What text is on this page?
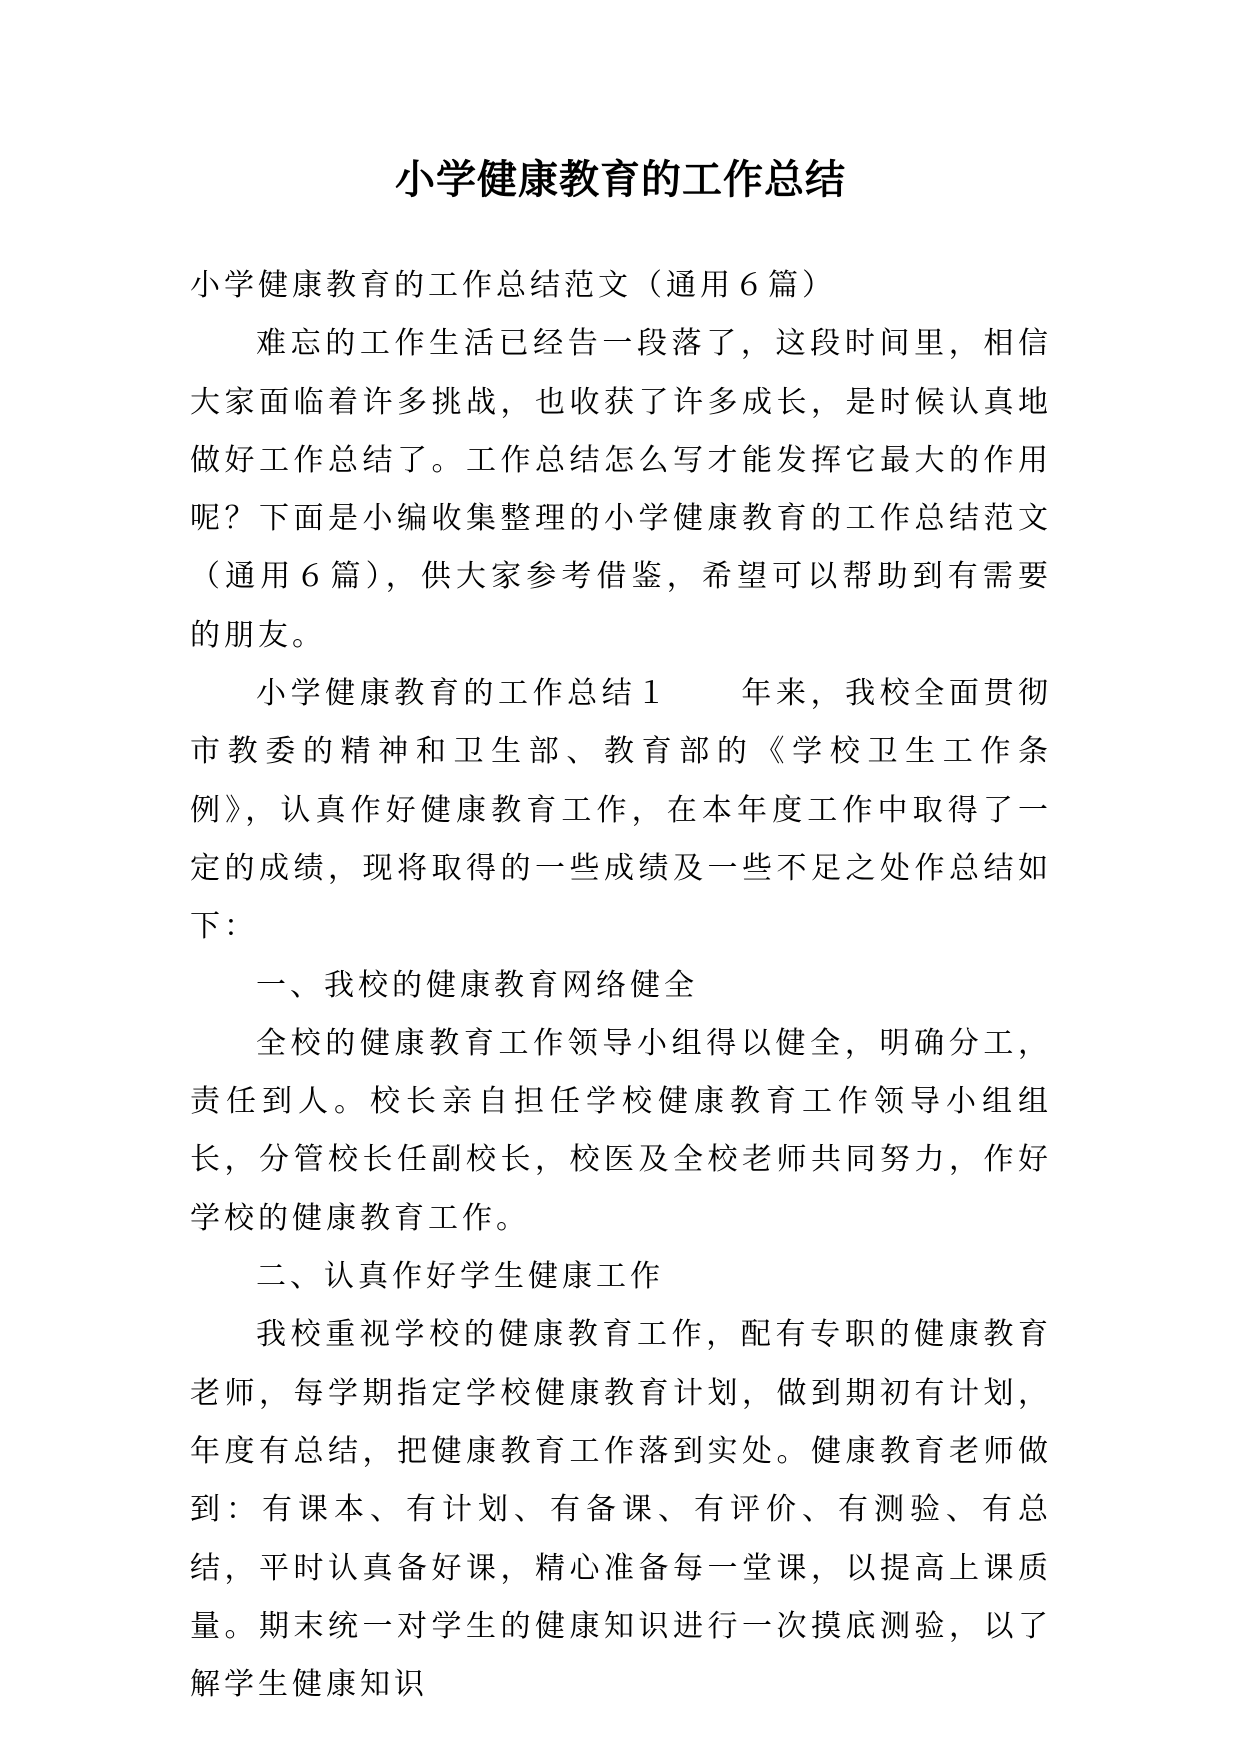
小学健康教育的工作总结

小学健康教育的工作总结范文（通用６篇）

难忘的工作生活已经告一段落了，这段时间里，相信大家面临着许多挑战，也收获了许多成长，是时候认真地做好工作总结了。工作总结怎么写才能发挥它最大的作用呢？下面是小编收集整理的小学健康教育的工作总结范文（通用６篇），供大家参考借鉴，希望可以帮助到有需要的朋友。

小学健康教育的工作总结１ 年来，我校全面贯彻市教委的精神和卫生部、教育部的《学校卫生工作条例》，认真作好健康教育工作，在本年度工作中取得了一定的成绩，现将取得的一些成绩及一些不足之处作总结如下：

一、我校的健康教育网络健全

全校的健康教育工作领导小组得以健全，明确分工，责任到人。校长亲自担任学校健康教育工作领导小组组长，分管校长任副校长，校医及全校老师共同努力，作好学校的健康教育工作。

二、认真作好学生健康工作

我校重视学校的健康教育工作，配有专职的健康教育老师，每学期指定学校健康教育计划，做到期初有计划，年度有总结，把健康教育工作落到实处。健康教育老师做到：有课本、有计划、有备课、有评价、有测验、有总结，平时认真备好课，精心准备每一堂课，以提高上课质量。期末统一对学生的健康知识进行一次摸底测验，以了解学生健康知识
